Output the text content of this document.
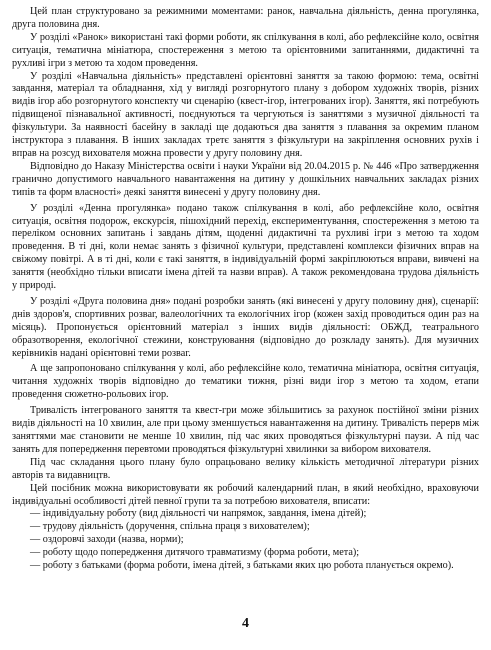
Цей план структуровано за режимними моментами: ранок, навчальна діяльність, денна прогулянка, друга половина дня.

У розділі «Ранок» використані такі форми роботи, як спілкування в колі, або рефлексійне коло, освітня ситуація, тематична мініатюра, спостереження з метою та орієнтовними запитаннями, дидактичні та рухливі ігри з метою та ходом проведення.

У розділі «Навчальна діяльність» представлені орієнтовні заняття за такою формою: тема, освітні завдання, матеріал та обладнання, хід у вигляді розгорнутого плану з добором художніх творів, різних видів ігор або розгорнутого конспекту чи сценарію (квест-ігор, інтегрованих ігор). Заняття, які потребують підвищеної пізнавальної активності, поєднуються та чергуються із заняттями з музичної діяльності та фізкультури. За наявності басейну в закладі ще додаються два заняття з плавання за окремим планом інструктора з плавання. В інших закладах третє заняття з фізкультури на закріплення основних рухів і вправ на розсуд вихователя можна провести у другу половину дня.

Відповідно до Наказу Міністерства освіти і науки України від 20.04.2015 р. № 446 «Про затвердження гранично допустимого навчального навантаження на дитину у дошкільних навчальних закладах різних типів та форм власності» деякі заняття винесені у другу половину дня.

У розділі «Денна прогулянка» подано також спілкування в колі, або рефлексійне коло, освітня ситуація, освітня подорож, екскурсія, пішохідний перехід, експериментування, спостереження з метою та переліком основних запитань і завдань дітям, щоденні дидактичні та рухливі ігри з метою та ходом проведення. В ті дні, коли немає занять з фізичної культури, представлені комплекси фізичних вправ на свіжому повітрі. А в ті дні, коли є такі заняття, в індивідуальній формі закріплюються вправи, вивчені на заняття (необхідно тільки вписати імена дітей та назви вправ). А також рекомендована трудова діяльність у природі.

У розділі «Друга половина дня» подані розробки занять (які винесені у другу половину дня), сценарії: днів здоров'я, спортивних розваг, валеологічних та екологічних ігор (кожен захід проводиться один раз на місяць). Пропонується орієнтовний матеріал з інших видів діяльності: ОБЖД, театрального образотворення, екологічної стежини, конструювання (відповідно до розкладу занять). Для музичних керівників надані орієнтовні теми розваг.

А ще запропоновано спілкування у колі, або рефлексійне коло, тематична мініатюра, освітня ситуація, читання художніх творів відповідно до тематики тижня, різні види ігор з метою та ходом, етапи проведення сюжетно-рольових ігор.

Тривалість інтегрованого заняття та квест-гри може збільшитись за рахунок постійної зміни різних видів діяльності на 10 хвилин, але при цьому зменшується навантаження на дитину. Тривалість перерв між заняттями має становити не менше 10 хвилин, під час яких проводяться фізкультурні паузи. А під час занять для попередження перевтоми проводяться фізкультурні хвилинки за вибором вихователя.

Під час складання цього плану було опрацьовано велику кількість методичної літератури різних авторів та видавництв.

Цей посібник можна використовувати як робочий календарний план, в який необхідно, враховуючи індивідуальні особливості дітей певної групи та за потребою вихователя, вписати:

— індивідуальну роботу (вид діяльності чи напрямок, завдання, імена дітей);

— трудову діяльність (доручення, спільна праця з вихователем);

— оздоровчі заходи (назва, норми);

— роботу щодо попередження дитячого травматизму (форма роботи, мета);

— роботу з батьками (форма роботи, імена дітей, з батьками яких цю робота планується окремо).

4
